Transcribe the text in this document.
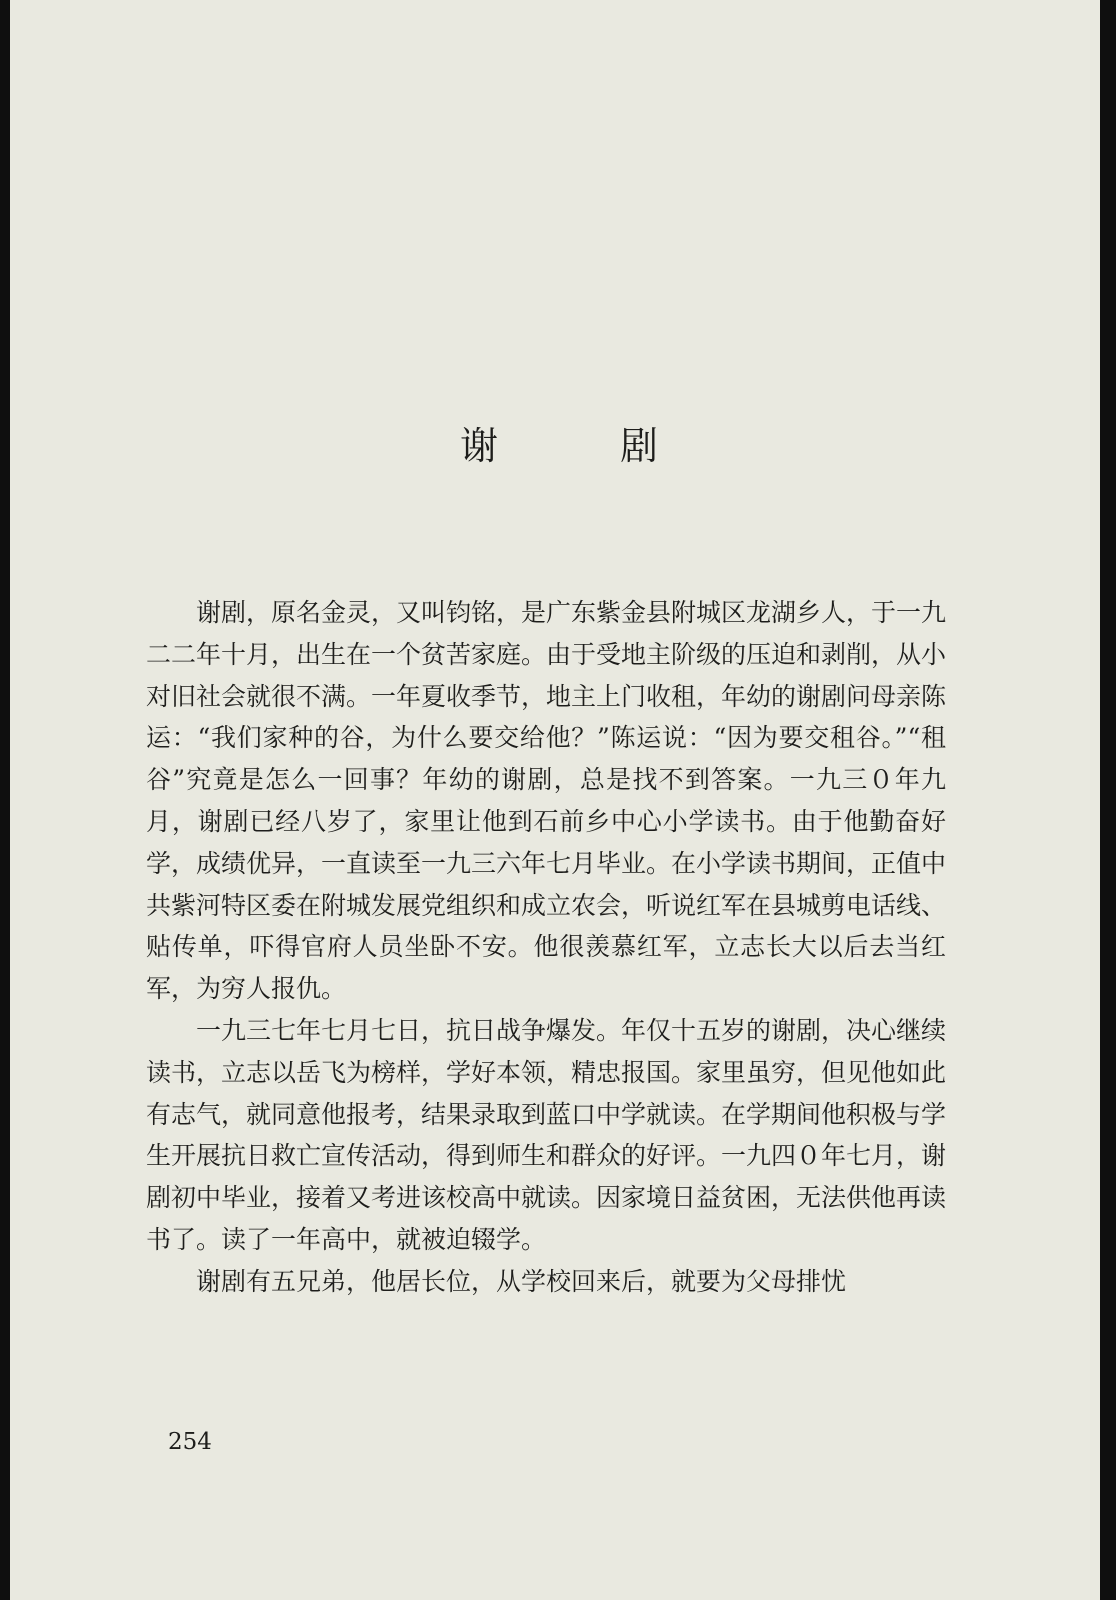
谢	剧

谢剧，原名金灵，又叫钧铭，是广东紫金县附城区龙湖乡人，于一九二二年十月，出生在一个贫苦家庭。由于受地主阶级的压迫和剥削，从小对旧社会就很不满。一年夏收季节，地主上门收租，年幼的谢剧问母亲陈运：“我们家种的谷，为什么要交给他？”陈运说：“因为要交租谷。”“租谷”究竟是怎么一回事？年幼的谢剧，总是找不到答案。一九三０年九月，谢剧已经八岁了，家里让他到石前乡中心小学读书。由于他勤奋好学，成绩优异，一直读至一九三六年七月毕业。在小学读书期间，正值中共紫河特区委在附城发展党组织和成立农会，听说红军在县城剪电话线、贴传单，吓得官府人员坐卧不安。他很羡慕红军，立志长大以后去当红军，为穷人报仇。

一九三七年七月七日，抗日战争爆发。年仅十五岁的谢剧，决心继续读书，立志以岳飞为榜样，学好本领，精忠报国。家里虽穷，但见他如此有志气，就同意他报考，结果录取到蓝口中学就读。在学期间他积极与学生开展抗日救亡宣传活动，得到师生和群众的好评。一九四０年七月，谢剧初中毕业，接着又考进该校高中就读。因家境日益贫困，无法供他再读书了。读了一年高中，就被迫辍学。

谢剧有五兄弟，他居长位，从学校回来后，就要为父母排忧

254
